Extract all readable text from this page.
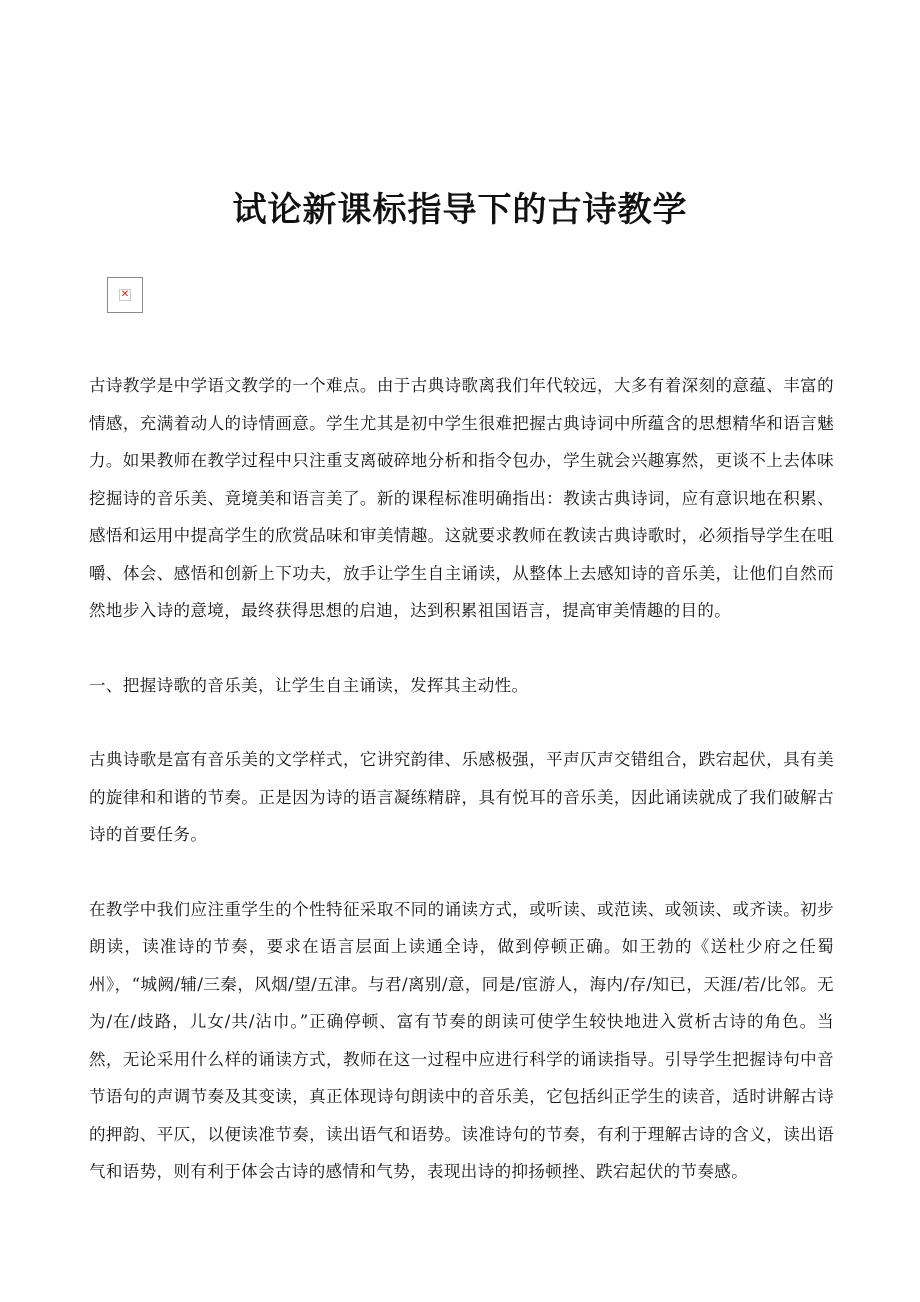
试论新课标指导下的古诗教学
✕

古诗教学是中学语文教学的一个难点。由于古典诗歌离我们年代较远，大多有着深刻的意蕴、丰富的情感，充满着动人的诗情画意。学生尤其是初中学生很难把握古典诗词中所蕴含的思想精华和语言魅力。如果教师在教学过程中只注重支离破碎地分析和指令包办，学生就会兴趣寡然，更谈不上去体味挖掘诗的音乐美、竟境美和语言美了。新的课程标准明确指出：教读古典诗词，应有意识地在积累、感悟和运用中提高学生的欣赏品味和审美情趣。这就要求教师在教读古典诗歌时，必须指导学生在咀嚼、体会、感悟和创新上下功夫，放手让学生自主诵读，从整体上去感知诗的音乐美，让他们自然而然地步入诗的意境，最终获得思想的启迪，达到积累祖国语言，提高审美情趣的目的。

一、把握诗歌的音乐美，让学生自主诵读，发挥其主动性。

古典诗歌是富有音乐美的文学样式，它讲究韵律、乐感极强，平声仄声交错组合，跌宕起伏，具有美的旋律和和谐的节奏。正是因为诗的语言凝练精辟，具有悦耳的音乐美，因此诵读就成了我们破解古诗的首要任务。

在教学中我们应注重学生的个性特征采取不同的诵读方式，或听读、或范读、或领读、或齐读。初步朗读，读准诗的节奏，要求在语言层面上读通全诗，做到停顿正确。如王勃的《送杜少府之任蜀州》，“城阙/辅/三秦，风烟/望/五津。与君/离别/意，同是/宦游人，海内/存/知已，天涯/若/比邻。无为/在/歧路，儿女/共/沾巾。”正确停顿、富有节奏的朗读可使学生较快地进入赏析古诗的角色。当然，无论采用什么样的诵读方式，教师在这一过程中应进行科学的诵读指导。引导学生把握诗句中音节语句的声调节奏及其变读，真正体现诗句朗读中的音乐美，它包括纠正学生的读音，适时讲解古诗的押韵、平仄，以便读准节奏，读出语气和语势。读准诗句的节奏，有利于理解古诗的含义，读出语气和语势，则有利于体会古诗的感情和气势，表现出诗的抑扬顿挫、跌宕起伏的节奏感。
